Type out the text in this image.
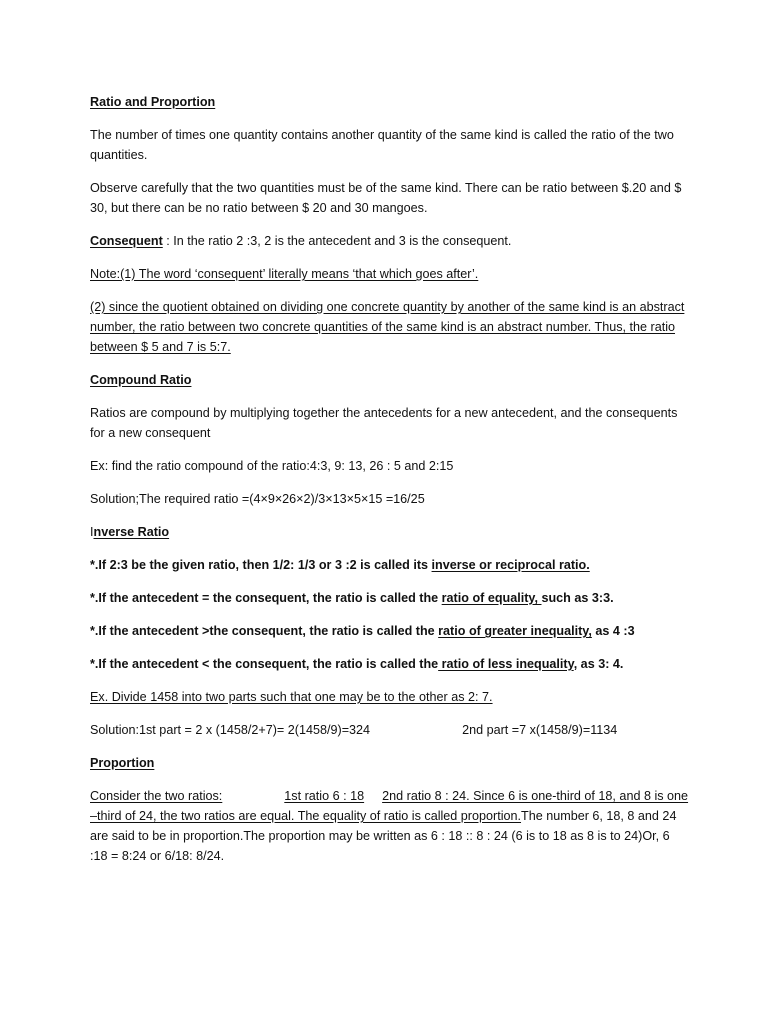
Ratio and Proportion

The number of times one quantity contains another quantity of the same kind is called the ratio of the two quantities.

Observe carefully that the two quantities must be of the same kind. There can be ratio between $.20 and $ 30, but there can be no ratio between $ 20 and 30 mangoes.

Consequent : In the ratio 2 :3, 2 is the antecedent and 3 is the consequent.

Note:(1) The word ‘consequent’ literally means ‘that which goes after’.

(2) since the quotient obtained on dividing one concrete quantity by another of the same kind is an abstract number, the ratio between two concrete quantities of the same kind is an abstract number. Thus, the ratio between $ 5 and 7 is 5:7.

Compound Ratio

Ratios are compound by multiplying together the antecedents for a new antecedent, and the consequents for a new consequent

Ex: find the ratio compound of the ratio:4:3, 9: 13, 26 : 5 and 2:15

Solution;The required ratio =(4×9×26×2)/3×13×5×15 =16/25

Inverse Ratio

*.If 2:3 be the given ratio, then 1/2: 1/3 or 3 :2 is called its inverse or reciprocal ratio.

*.If the antecedent = the consequent, the ratio is called the ratio of equality, such as 3:3.

*.If the antecedent >the consequent, the ratio is called the ratio of greater inequality, as 4 :3

*.If the antecedent < the consequent, the ratio is called the ratio of less inequality, as 3: 4.

Ex. Divide 1458 into two parts such that one may be to the other as 2: 7.

Solution:1st part = 2 x (1458/2+7)= 2(1458/9)=324	2nd part =7 x(1458/9)=1134

Proportion

Consider the two ratios:	1st ratio 6 : 18 2nd ratio 8 : 24. Since 6 is one-third of 18, and 8 is one –third of 24, the two ratios are equal. The equality of ratio is called proportion.The number 6, 18, 8 and 24 are said to be in proportion.The proportion may be written as 6 : 18 :: 8 : 24 (6 is to 18 as 8 is to 24)Or, 6 :18 = 8:24 or 6/18: 8/24.
